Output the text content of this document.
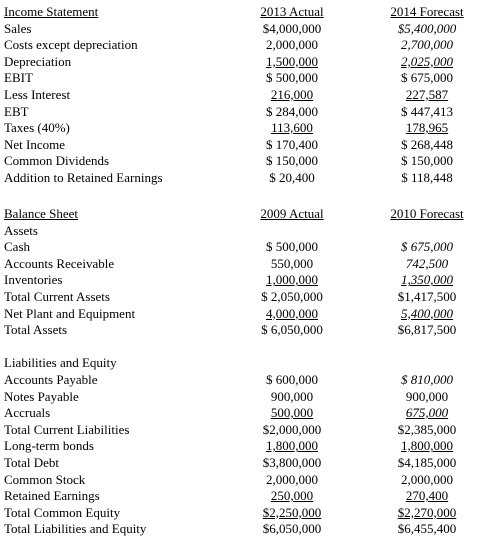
Income Statement	2013 Actual	2014 Forecast
Sales	$4,000,000	$5,400,000
Costs except depreciation	2,000,000	2,700,000
Depreciation	1,500,000	2,025,000
EBIT	$ 500,000	$ 675,000
Less Interest	216,000	227,587
EBT	$ 284,000	$ 447,413
Taxes (40%)	113,600	178,965
Net Income	$ 170,400	$ 268,448
Common Dividends	$ 150,000	$ 150,000
Addition to Retained Earnings	$ 20,400	$ 118,448
Balance Sheet	2009 Actual	2010 Forecast
Assets
Cash	$ 500,000	$ 675,000
Accounts Receivable	550,000	742,500
Inventories	1,000,000	1,350,000
Total Current Assets	$ 2,050,000	$1,417,500
Net Plant and Equipment	4,000,000	5,400,000
Total Assets	$ 6,050,000	$6,817,500
Liabilities and Equity
Accounts Payable	$ 600,000	$ 810,000
Notes Payable	900,000	900,000
Accruals	500,000	675,000
Total Current Liabilities	$2,000,000	$2,385,000
Long-term bonds	1,800,000	1,800,000
Total Debt	$3,800,000	$4,185,000
Common Stock	2,000,000	2,000,000
Retained Earnings	250,000	270,400
Total Common Equity	$2,250,000	$2,270,000
Total Liabilities and Equity	$6,050,000	$6,455,400
